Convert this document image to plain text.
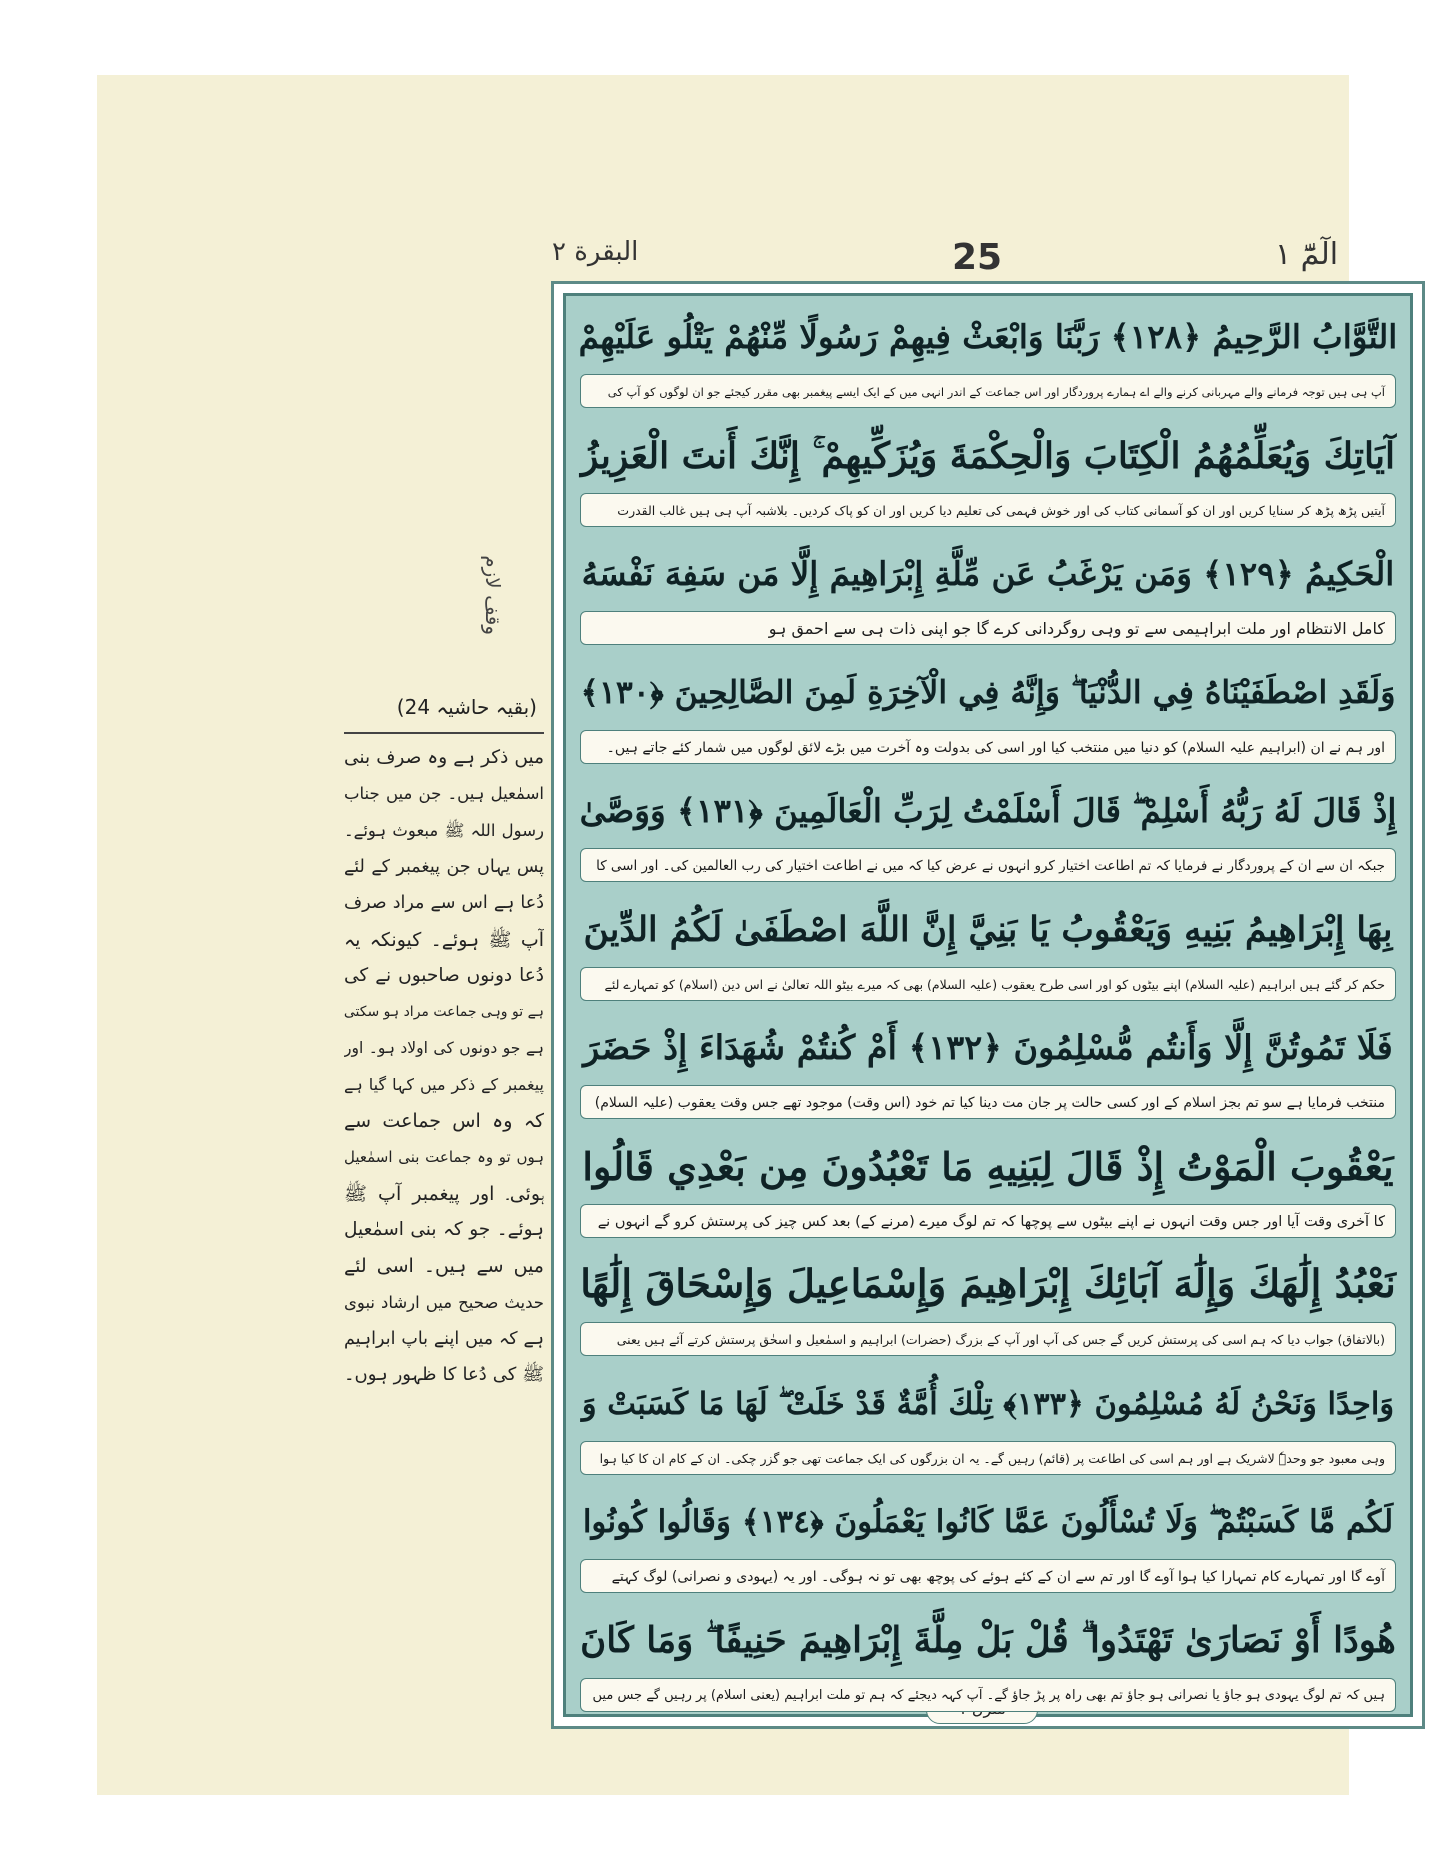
الٓمّٓ ١
25
البقرة ٢
وقف لازم
(بقیہ حاشیہ 24)
میں ذکر ہے وہ صرف بنی
اسمٰعیل ہیں۔ جن میں جناب
رسول اللہ ﷺ مبعوث ہوئے۔
پس یہاں جن پیغمبر کے لئے
دُعا ہے اس سے مراد صرف
آپ ﷺ ہوئے۔ کیونکہ یہ
دُعا دونوں صاحبوں نے کی
ہے تو وہی جماعت مراد ہو سکتی
ہے جو دونوں کی اولاد ہو۔ اور
پیغمبر کے ذکر میں کہا گیا ہے
کہ وہ اس جماعت سے
ہوں تو وہ جماعت بنی اسمٰعیل
ہوئی۔ اور پیغمبر آپ ﷺ
ہوئے۔ جو کہ بنی اسمٰعیل
میں سے ہیں۔ اسی لئے
حدیث صحیح میں ارشاد نبوی
ہے کہ میں اپنے باپ ابراہیم
ﷺ کی دُعا کا ظہور ہوں۔
التَّوَّابُ الرَّحِيمُ ﴿١٢٨﴾ رَبَّنَا وَابْعَثْ فِيهِمْ رَسُولًا مِّنْهُمْ يَتْلُو عَلَيْهِمْ
آپ ہی ہیں توجہ فرمانے والے مہربانی کرنے والے اے ہمارے پروردگار اور اس جماعت کے اندر انہی میں کے ایک ایسے پیغمبر بھی مقرر کیجئے جو ان لوگوں کو آپ کی
آيَاتِكَ وَيُعَلِّمُهُمُ الْكِتَابَ وَالْحِكْمَةَ وَيُزَكِّيهِمْ ۚ إِنَّكَ أَنتَ الْعَزِيزُ
آیتیں پڑھ پڑھ کر سنایا کریں اور ان کو آسمانی کتاب کی اور خوش فہمی کی تعلیم دیا کریں اور ان کو پاک کردیں۔ بلاشبہ آپ ہی ہیں غالب القدرت
الْحَكِيمُ ﴿١٢٩﴾ وَمَن يَرْغَبُ عَن مِّلَّةِ إِبْرَاهِيمَ إِلَّا مَن سَفِهَ نَفْسَهُ
کامل الانتظام اور ملت ابراہیمی سے تو وہی روگردانی کرے گا جو اپنی ذات ہی سے احمق ہو
وَلَقَدِ اصْطَفَيْنَاهُ فِي الدُّنْيَا ۖ وَإِنَّهُ فِي الْآخِرَةِ لَمِنَ الصَّالِحِينَ ﴿١٣٠﴾
اور ہم نے ان (ابراہیم علیہ السلام) کو دنیا میں منتخب کیا اور اسی کی بدولت وہ آخرت میں بڑے لائق لوگوں میں شمار کئے جاتے ہیں۔
إِذْ قَالَ لَهُ رَبُّهُ أَسْلِمْ ۖ قَالَ أَسْلَمْتُ لِرَبِّ الْعَالَمِينَ ﴿١٣١﴾ وَوَصَّىٰ
جبکہ ان سے ان کے پروردگار نے فرمایا کہ تم اطاعت اختیار کرو انہوں نے عرض کیا کہ میں نے اطاعت اختیار کی رب العالمین کی۔ اور اسی کا
بِهَا إِبْرَاهِيمُ بَنِيهِ وَيَعْقُوبُ يَا بَنِيَّ إِنَّ اللَّهَ اصْطَفَىٰ لَكُمُ الدِّينَ
حکم کر گئے ہیں ابراہیم (علیہ السلام) اپنے بیٹوں کو اور اسی طرح یعقوب (علیہ السلام) بھی کہ میرے بیٹو اللہ تعالیٰ نے اس دین (اسلام) کو تمہارے لئے
فَلَا تَمُوتُنَّ إِلَّا وَأَنتُم مُّسْلِمُونَ ﴿١٣٢﴾ أَمْ كُنتُمْ شُهَدَاءَ إِذْ حَضَرَ
منتخب فرمایا ہے سو تم بجز اسلام کے اور کسی حالت پر جان مت دینا کیا تم خود (اس وقت) موجود تھے جس وقت یعقوب (علیہ السلام)
يَعْقُوبَ الْمَوْتُ إِذْ قَالَ لِبَنِيهِ مَا تَعْبُدُونَ مِن بَعْدِي قَالُوا
کا آخری وقت آیا اور جس وقت انہوں نے اپنے بیٹوں سے پوچھا کہ تم لوگ میرے (مرنے کے) بعد کس چیز کی پرستش کرو گے انہوں نے
نَعْبُدُ إِلَٰهَكَ وَإِلَٰهَ آبَائِكَ إِبْرَاهِيمَ وَإِسْمَاعِيلَ وَإِسْحَاقَ إِلَٰهًا
(بالاتفاق) جواب دیا کہ ہم اسی کی پرستش کریں گے جس کی آپ اور آپ کے بزرگ (حضرات) ابراہیم و اسمٰعیل و اسحٰق پرستش کرتے آئے ہیں یعنی
وَاحِدًا وَنَحْنُ لَهُ مُسْلِمُونَ ﴿١٣٣﴾ تِلْكَ أُمَّةٌ قَدْ خَلَتْ ۖ لَهَا مَا كَسَبَتْ وَ
وہی معبود جو وحدہٗ لاشریک ہے اور ہم اسی کی اطاعت پر (قائم) رہیں گے۔ یہ ان بزرگوں کی ایک جماعت تھی جو گزر چکی۔ ان کے کام ان کا کیا ہوا
لَكُم مَّا كَسَبْتُمْ ۖ وَلَا تُسْأَلُونَ عَمَّا كَانُوا يَعْمَلُونَ ﴿١٣٤﴾ وَقَالُوا كُونُوا
آوے گا اور تمہارے کام تمہارا کیا ہوا آوے گا اور تم سے ان کے کئے ہوئے کی پوچھ بھی تو نہ ہوگی۔ اور یہ (یہودی و نصرانی) لوگ کہتے
هُودًا أَوْ نَصَارَىٰ تَهْتَدُوا ۗ قُلْ بَلْ مِلَّةَ إِبْرَاهِيمَ حَنِيفًا ۖ وَمَا كَانَ
ہیں کہ تم لوگ یہودی ہو جاؤ یا نصرانی ہو جاؤ تم بھی راہ پر پڑ جاؤ گے۔ آپ کہہ دیجئے کہ ہم تو ملت ابراہیم (یعنی اسلام) پر رہیں گے جس میں
